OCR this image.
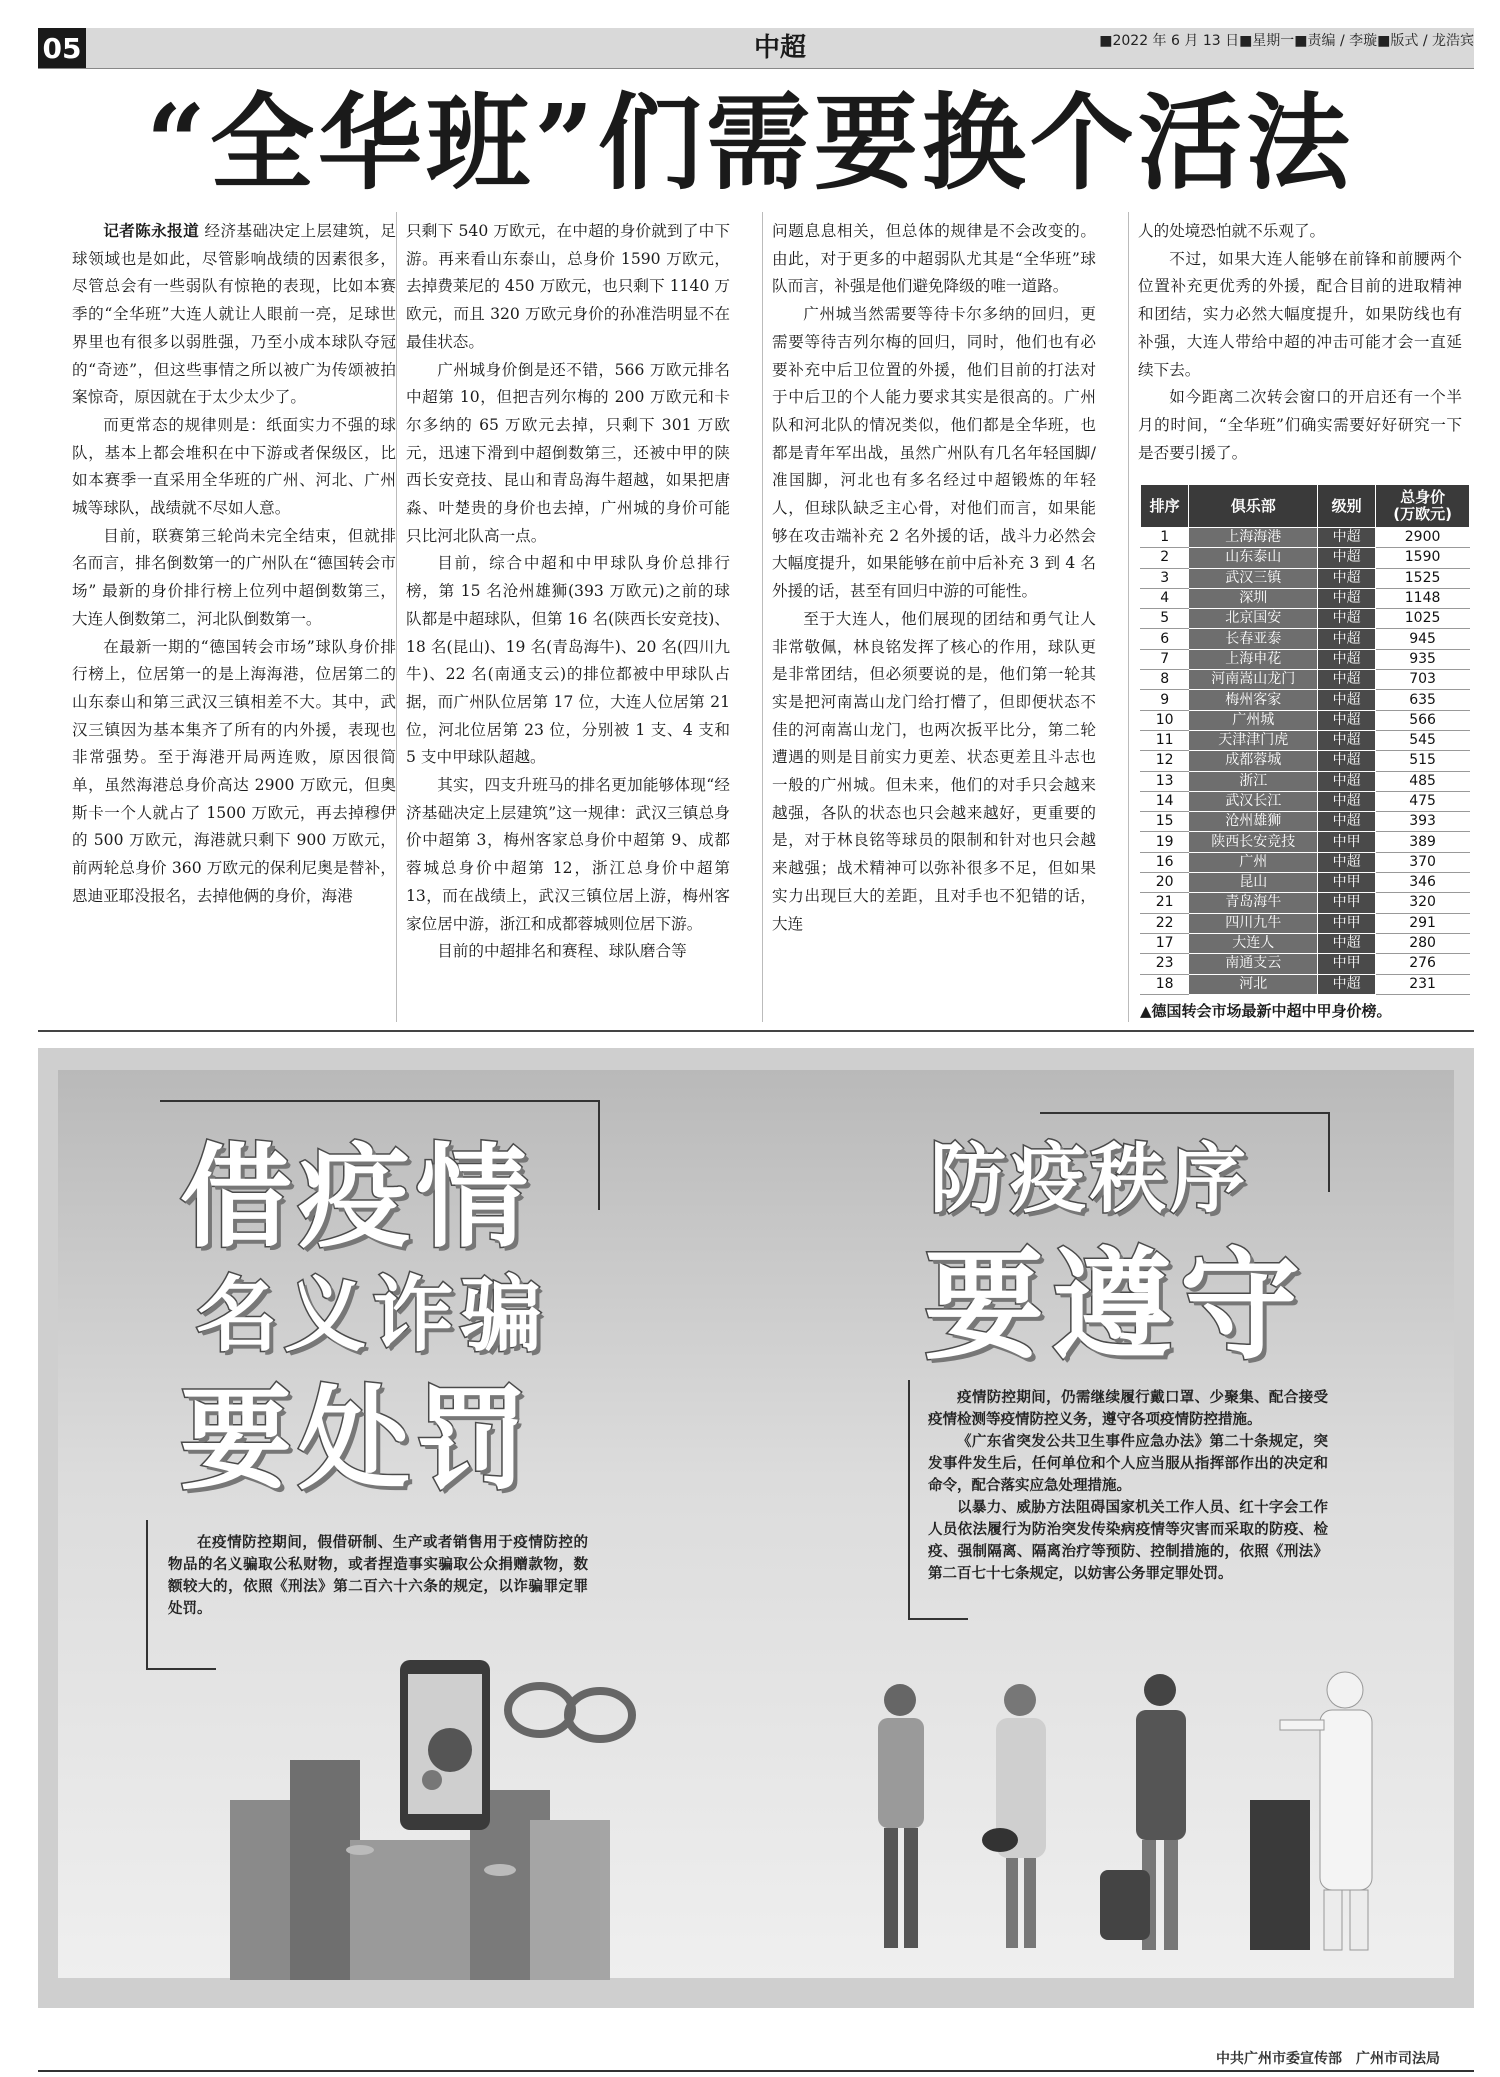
05	中超	■2022 年 6 月 13 日■星期一■责编 / 李璇■版式 / 龙浩宾
“全华班”们需要换个活法

记者陈永报道 经济基础决定上层建筑，足球领域也是如此，尽管影响战绩的因素很多，尽管总会有一些弱队有惊艳的表现，比如本赛季的“全华班”大连人就让人眼前一亮，足球世界里也有很多以弱胜强，乃至小成本球队夺冠的“奇迹”，但这些事情之所以被广为传颂被拍案惊奇，原因就在于太少太少了。

而更常态的规律则是：纸面实力不强的球队，基本上都会堆积在中下游或者保级区，比如本赛季一直采用全华班的广州、河北、广州城等球队，战绩就不尽如人意。

目前，联赛第三轮尚未完全结束，但就排名而言，排名倒数第一的广州队在“德国转会市场” 最新的身价排行榜上位列中超倒数第三，大连人倒数第二，河北队倒数第一。

在最新一期的“德国转会市场”球队身价排行榜上，位居第一的是上海海港，位居第二的山东泰山和第三武汉三镇相差不大。其中，武汉三镇因为基本集齐了所有的内外援，表现也非常强势。至于海港开局两连败，原因很简单，虽然海港总身价高达 2900 万欧元，但奥斯卡一个人就占了 1500 万欧元，再去掉穆伊的 500 万欧元，海港就只剩下 900 万欧元，前两轮总身价 360 万欧元的保利尼奥是替补，恩迪亚耶没报名，去掉他俩的身价，海港

只剩下 540 万欧元，在中超的身价就到了中下游。再来看山东泰山，总身价 1590 万欧元，去掉费莱尼的 450 万欧元，也只剩下 1140 万欧元，而且 320 万欧元身价的孙准浩明显不在最佳状态。

广州城身价倒是还不错，566 万欧元排名中超第 10，但把吉列尔梅的 200 万欧元和卡尔多纳的 65 万欧元去掉，只剩下 301 万欧元，迅速下滑到中超倒数第三，还被中甲的陕西长安竞技、昆山和青岛海牛超越，如果把唐淼、叶楚贵的身价也去掉，广州城的身价可能只比河北队高一点。

目前，综合中超和中甲球队身价总排行榜，第 15 名沧州雄狮(393 万欧元)之前的球队都是中超球队，但第 16 名(陕西长安竞技)、18 名(昆山)、19 名(青岛海牛)、20 名(四川九牛)、22 名(南通支云)的排位都被中甲球队占据，而广州队位居第 17 位，大连人位居第 21 位，河北位居第 23 位，分别被 1 支、4 支和 5 支中甲球队超越。

其实，四支升班马的排名更加能够体现“经济基础决定上层建筑”这一规律：武汉三镇总身价中超第 3，梅州客家总身价中超第 9、成都蓉城总身价中超第 12，浙江总身价中超第 13，而在战绩上，武汉三镇位居上游，梅州客家位居中游，浙江和成都蓉城则位居下游。

目前的中超排名和赛程、球队磨合等

问题息息相关，但总体的规律是不会改变的。由此，对于更多的中超弱队尤其是“全华班”球队而言，补强是他们避免降级的唯一道路。

广州城当然需要等待卡尔多纳的回归，更需要等待吉列尔梅的回归，同时，他们也有必要补充中后卫位置的外援，他们目前的打法对于中后卫的个人能力要求其实是很高的。广州队和河北队的情况类似，他们都是全华班，也都是青年军出战，虽然广州队有几名年轻国脚/准国脚，河北也有多名经过中超锻炼的年轻人，但球队缺乏主心骨，对他们而言，如果能够在攻击端补充 2 名外援的话，战斗力必然会大幅度提升，如果能够在前中后补充 3 到 4 名外援的话，甚至有回归中游的可能性。

至于大连人，他们展现的团结和勇气让人非常敬佩，林良铭发挥了核心的作用，球队更是非常团结，但必须要说的是，他们第一轮其实是把河南嵩山龙门给打懵了，但即便状态不佳的河南嵩山龙门，也两次扳平比分，第二轮遭遇的则是目前实力更差、状态更差且斗志也一般的广州城。但未来，他们的对手只会越来越强，各队的状态也只会越来越好，更重要的是，对于林良铭等球员的限制和针对也只会越来越强；战术精神可以弥补很多不足，但如果实力出现巨大的差距，且对手也不犯错的话，大连

人的处境恐怕就不乐观了。

不过，如果大连人能够在前锋和前腰两个位置补充更优秀的外援，配合目前的进取精神和团结，实力必然大幅度提升，如果防线也有补强，大连人带给中超的冲击可能才会一直延续下去。

如今距离二次转会窗口的开启还有一个半月的时间，“全华班”们确实需要好好研究一下是否要引援了。

排序	俱乐部	级别	总身价
(万欧元)
1	上海海港	中超	2900
2	山东泰山	中超	1590
3	武汉三镇	中超	1525
4	深圳	中超	1148
5	北京国安	中超	1025
6	长春亚泰	中超	945
7	上海申花	中超	935
8	河南嵩山龙门	中超	703
9	梅州客家	中超	635
10	广州城	中超	566
11	天津津门虎	中超	545
12	成都蓉城	中超	515
13	浙江	中超	485
14	武汉长江	中超	475
15	沧州雄狮	中超	393
19	陕西长安竞技	中甲	389
16	广州	中超	370
20	昆山	中甲	346
21	青岛海牛	中甲	320
22	四川九牛	中甲	291
17	大连人	中超	280
23	南通支云	中甲	276
18	河北	中超	231
▲德国转会市场最新中超中甲身价榜。
借疫情
名义诈骗
要处罚
防疫秩序
要遵守

在疫情防控期间，假借研制、生产或者销售用于疫情防控的物品的名义骗取公私财物，或者捏造事实骗取公众捐赠款物，数额较大的，依照《刑法》第二百六十六条的规定，以诈骗罪定罪处罚。

疫情防控期间，仍需继续履行戴口罩、少聚集、配合接受疫情检测等疫情防控义务，遵守各项疫情防控措施。

《广东省突发公共卫生事件应急办法》第二十条规定，突发事件发生后，任何单位和个人应当服从指挥部作出的决定和命令，配合落实应急处理措施。

以暴力、威胁方法阻碍国家机关工作人员、红十字会工作人员依法履行为防治突发传染病疫情等灾害而采取的防疫、检疫、强制隔离、隔离治疗等预防、控制措施的，依照《刑法》第二百七十七条规定，以妨害公务罪定罪处罚。

中共广州市委宣传部　广州市司法局
